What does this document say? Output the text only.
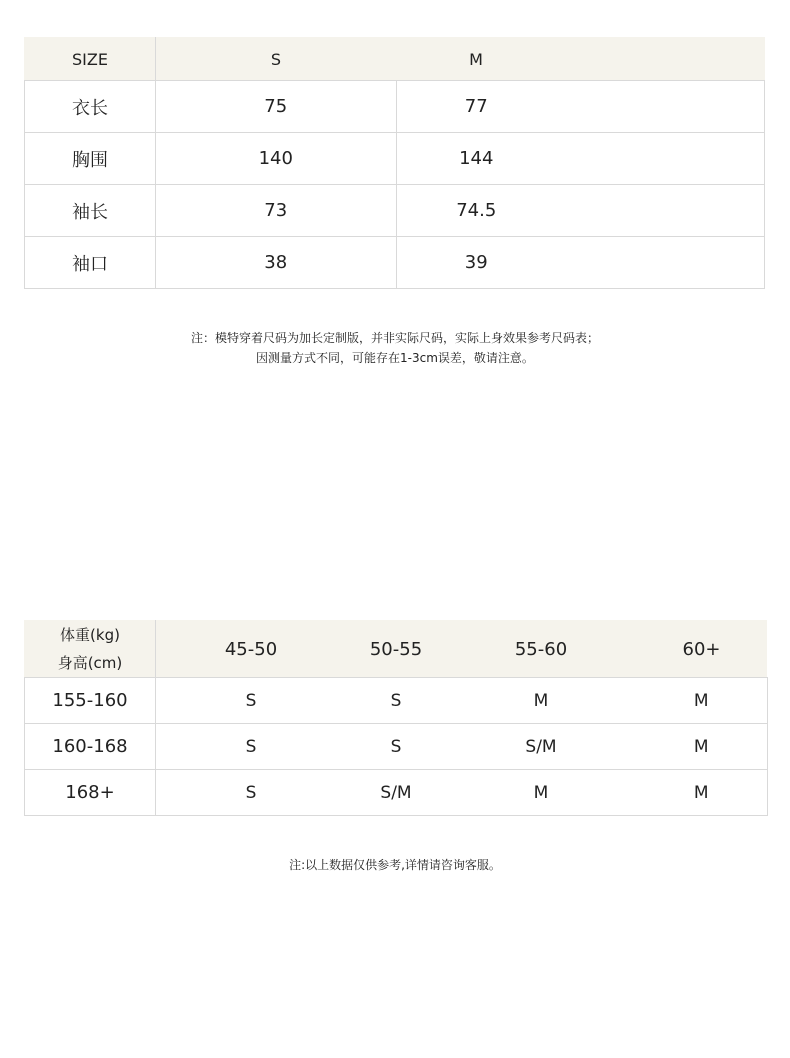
SIZE	S	M	
衣长	75	77	
胸围	140	144	
袖长	73	74.5	
袖口	38	39	
注：模特穿着尺码为加长定制版，并非实际尺码，实际上身效果参考尺码表；
因测量方式不同，可能存在1-3cm误差，敬请注意。
体重(kg)
身高(cm)	45-50	50-55	55-60	60+
155-160	S	S	M	M
160-168	S	S	S/M	M
168+	S	S/M	M	M
注:以上数据仅供参考,详情请咨询客服。
